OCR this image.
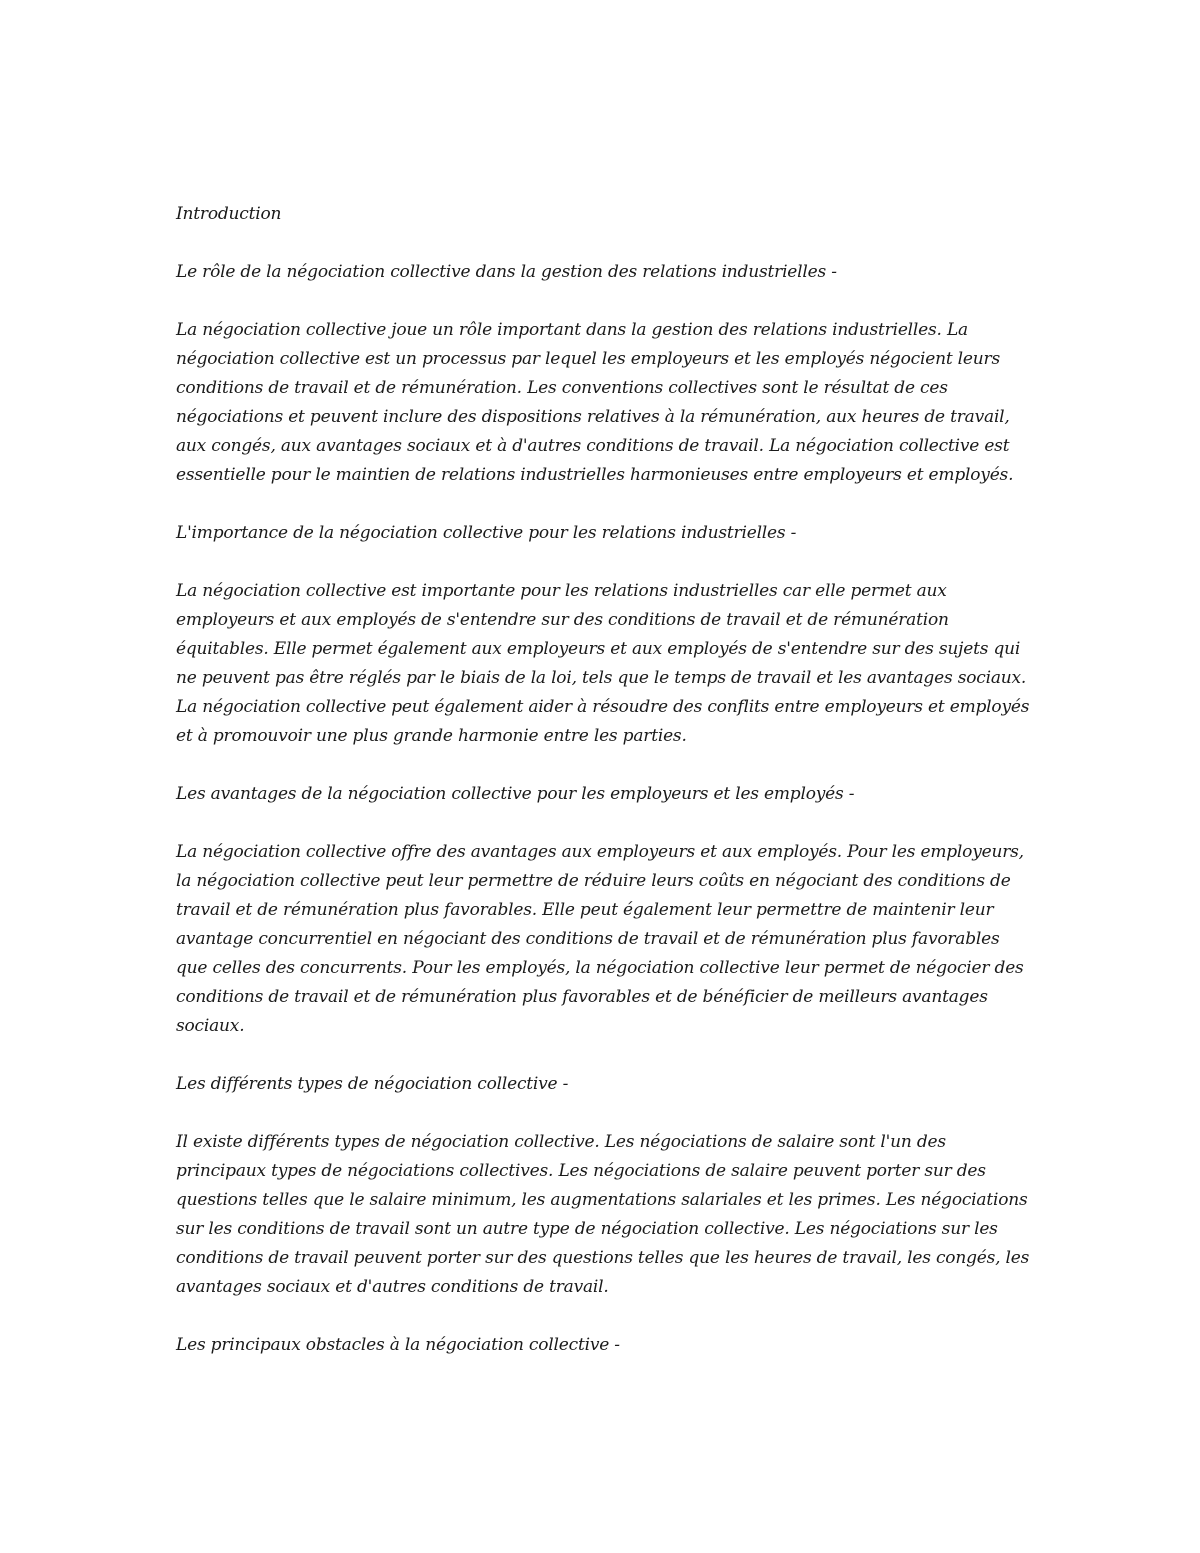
Introduction

Le rôle de la négociation collective dans la gestion des relations industrielles -

La négociation collective joue un rôle important dans la gestion des relations industrielles. La négociation collective est un processus par lequel les employeurs et les employés négocient leurs conditions de travail et de rémunération. Les conventions collectives sont le résultat de ces négociations et peuvent inclure des dispositions relatives à la rémunération, aux heures de travail, aux congés, aux avantages sociaux et à d'autres conditions de travail. La négociation collective est essentielle pour le maintien de relations industrielles harmonieuses entre employeurs et employés.

L'importance de la négociation collective pour les relations industrielles -

La négociation collective est importante pour les relations industrielles car elle permet aux employeurs et aux employés de s'entendre sur des conditions de travail et de rémunération équitables. Elle permet également aux employeurs et aux employés de s'entendre sur des sujets qui ne peuvent pas être réglés par le biais de la loi, tels que le temps de travail et les avantages sociaux. La négociation collective peut également aider à résoudre des conflits entre employeurs et employés et à promouvoir une plus grande harmonie entre les parties.

Les avantages de la négociation collective pour les employeurs et les employés -

La négociation collective offre des avantages aux employeurs et aux employés. Pour les employeurs, la négociation collective peut leur permettre de réduire leurs coûts en négociant des conditions de travail et de rémunération plus favorables. Elle peut également leur permettre de maintenir leur avantage concurrentiel en négociant des conditions de travail et de rémunération plus favorables que celles des concurrents. Pour les employés, la négociation collective leur permet de négocier des conditions de travail et de rémunération plus favorables et de bénéficier de meilleurs avantages sociaux.

Les différents types de négociation collective -

Il existe différents types de négociation collective. Les négociations de salaire sont l'un des principaux types de négociations collectives. Les négociations de salaire peuvent porter sur des questions telles que le salaire minimum, les augmentations salariales et les primes. Les négociations sur les conditions de travail sont un autre type de négociation collective. Les négociations sur les conditions de travail peuvent porter sur des questions telles que les heures de travail, les congés, les avantages sociaux et d'autres conditions de travail.

Les principaux obstacles à la négociation collective -
